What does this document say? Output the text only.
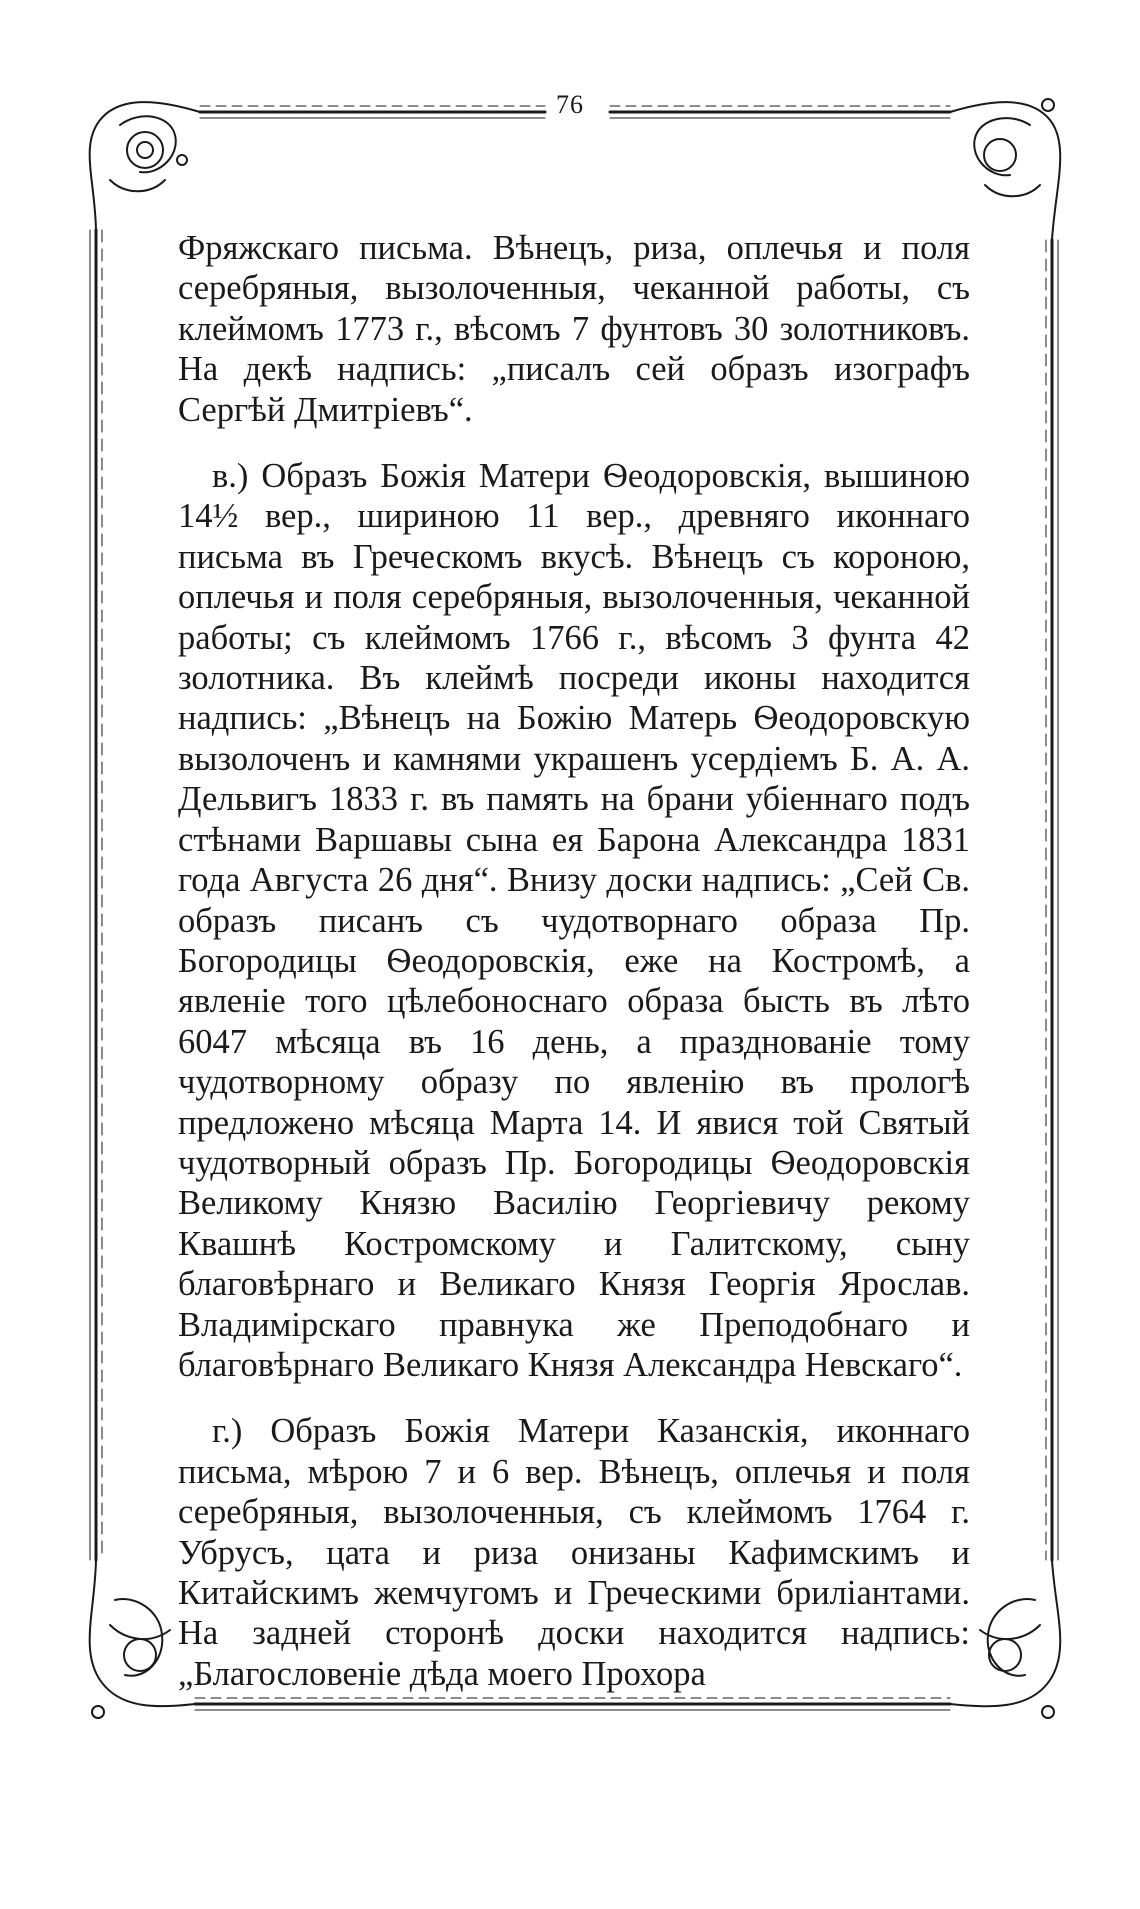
76

Фряжскаго письма. Вѣнецъ, риза, оплечья и поля серебряныя, вызолоченныя, чеканной работы, съ клеймомъ 1773 г., вѣсомъ 7 фунтовъ 30 золотниковъ. На декѣ надпись: „писалъ сей образъ изографъ Сергѣй Дмитріевъ“.

в.) Образъ Божія Матери Ѳеодоровскія, вышиною 14½ вер., шириною 11 вер., древняго иконнаго письма въ Греческомъ вкусѣ. Вѣнецъ съ короною, оплечья и поля серебряныя, вызолоченныя, чеканной работы; съ клеймомъ 1766 г., вѣсомъ 3 фунта 42 золотника. Въ клеймѣ посреди иконы находится надпись: „Вѣнецъ на Божію Матерь Ѳеодоровскую вызолоченъ и камнями украшенъ усердіемъ Б. А. А. Дельвигъ 1833 г. въ память на брани убіеннаго подъ стѣнами Варшавы сына ея Барона Александра 1831 года Августа 26 дня“. Внизу доски надпись: „Сей Св. образъ писанъ съ чудотворнаго образа Пр. Богородицы Ѳеодоровскія, еже на Костромѣ, а явленіе того цѣлебоноснаго образа бысть въ лѣто 6047 мѣсяца въ 16 день, а празднованіе тому чудотворному образу по явленію въ прологѣ предложено мѣсяца Марта 14. И явися той Святый чудотворный образъ Пр. Богородицы Ѳеодоровскія Великому Князю Василію Георгіевичу рекому Квашнѣ Костромскому и Галитскому, сыну благовѣрнаго и Великаго Князя Георгія Ярослав. Владимірскаго правнука же Преподобнаго и благовѣрнаго Великаго Князя Александра Невскаго“.

г.) Образъ Божія Матери Казанскія, иконнаго письма, мѣрою 7 и 6 вер. Вѣнецъ, оплечья и поля серебряныя, вызолоченныя, съ клеймомъ 1764 г. Убрусъ, цата и риза онизаны Кафимскимъ и Китайскимъ жемчугомъ и Греческими бриліантами. На задней сторонѣ доски находится надпись: „Благословеніе дѣда моего Прохора
